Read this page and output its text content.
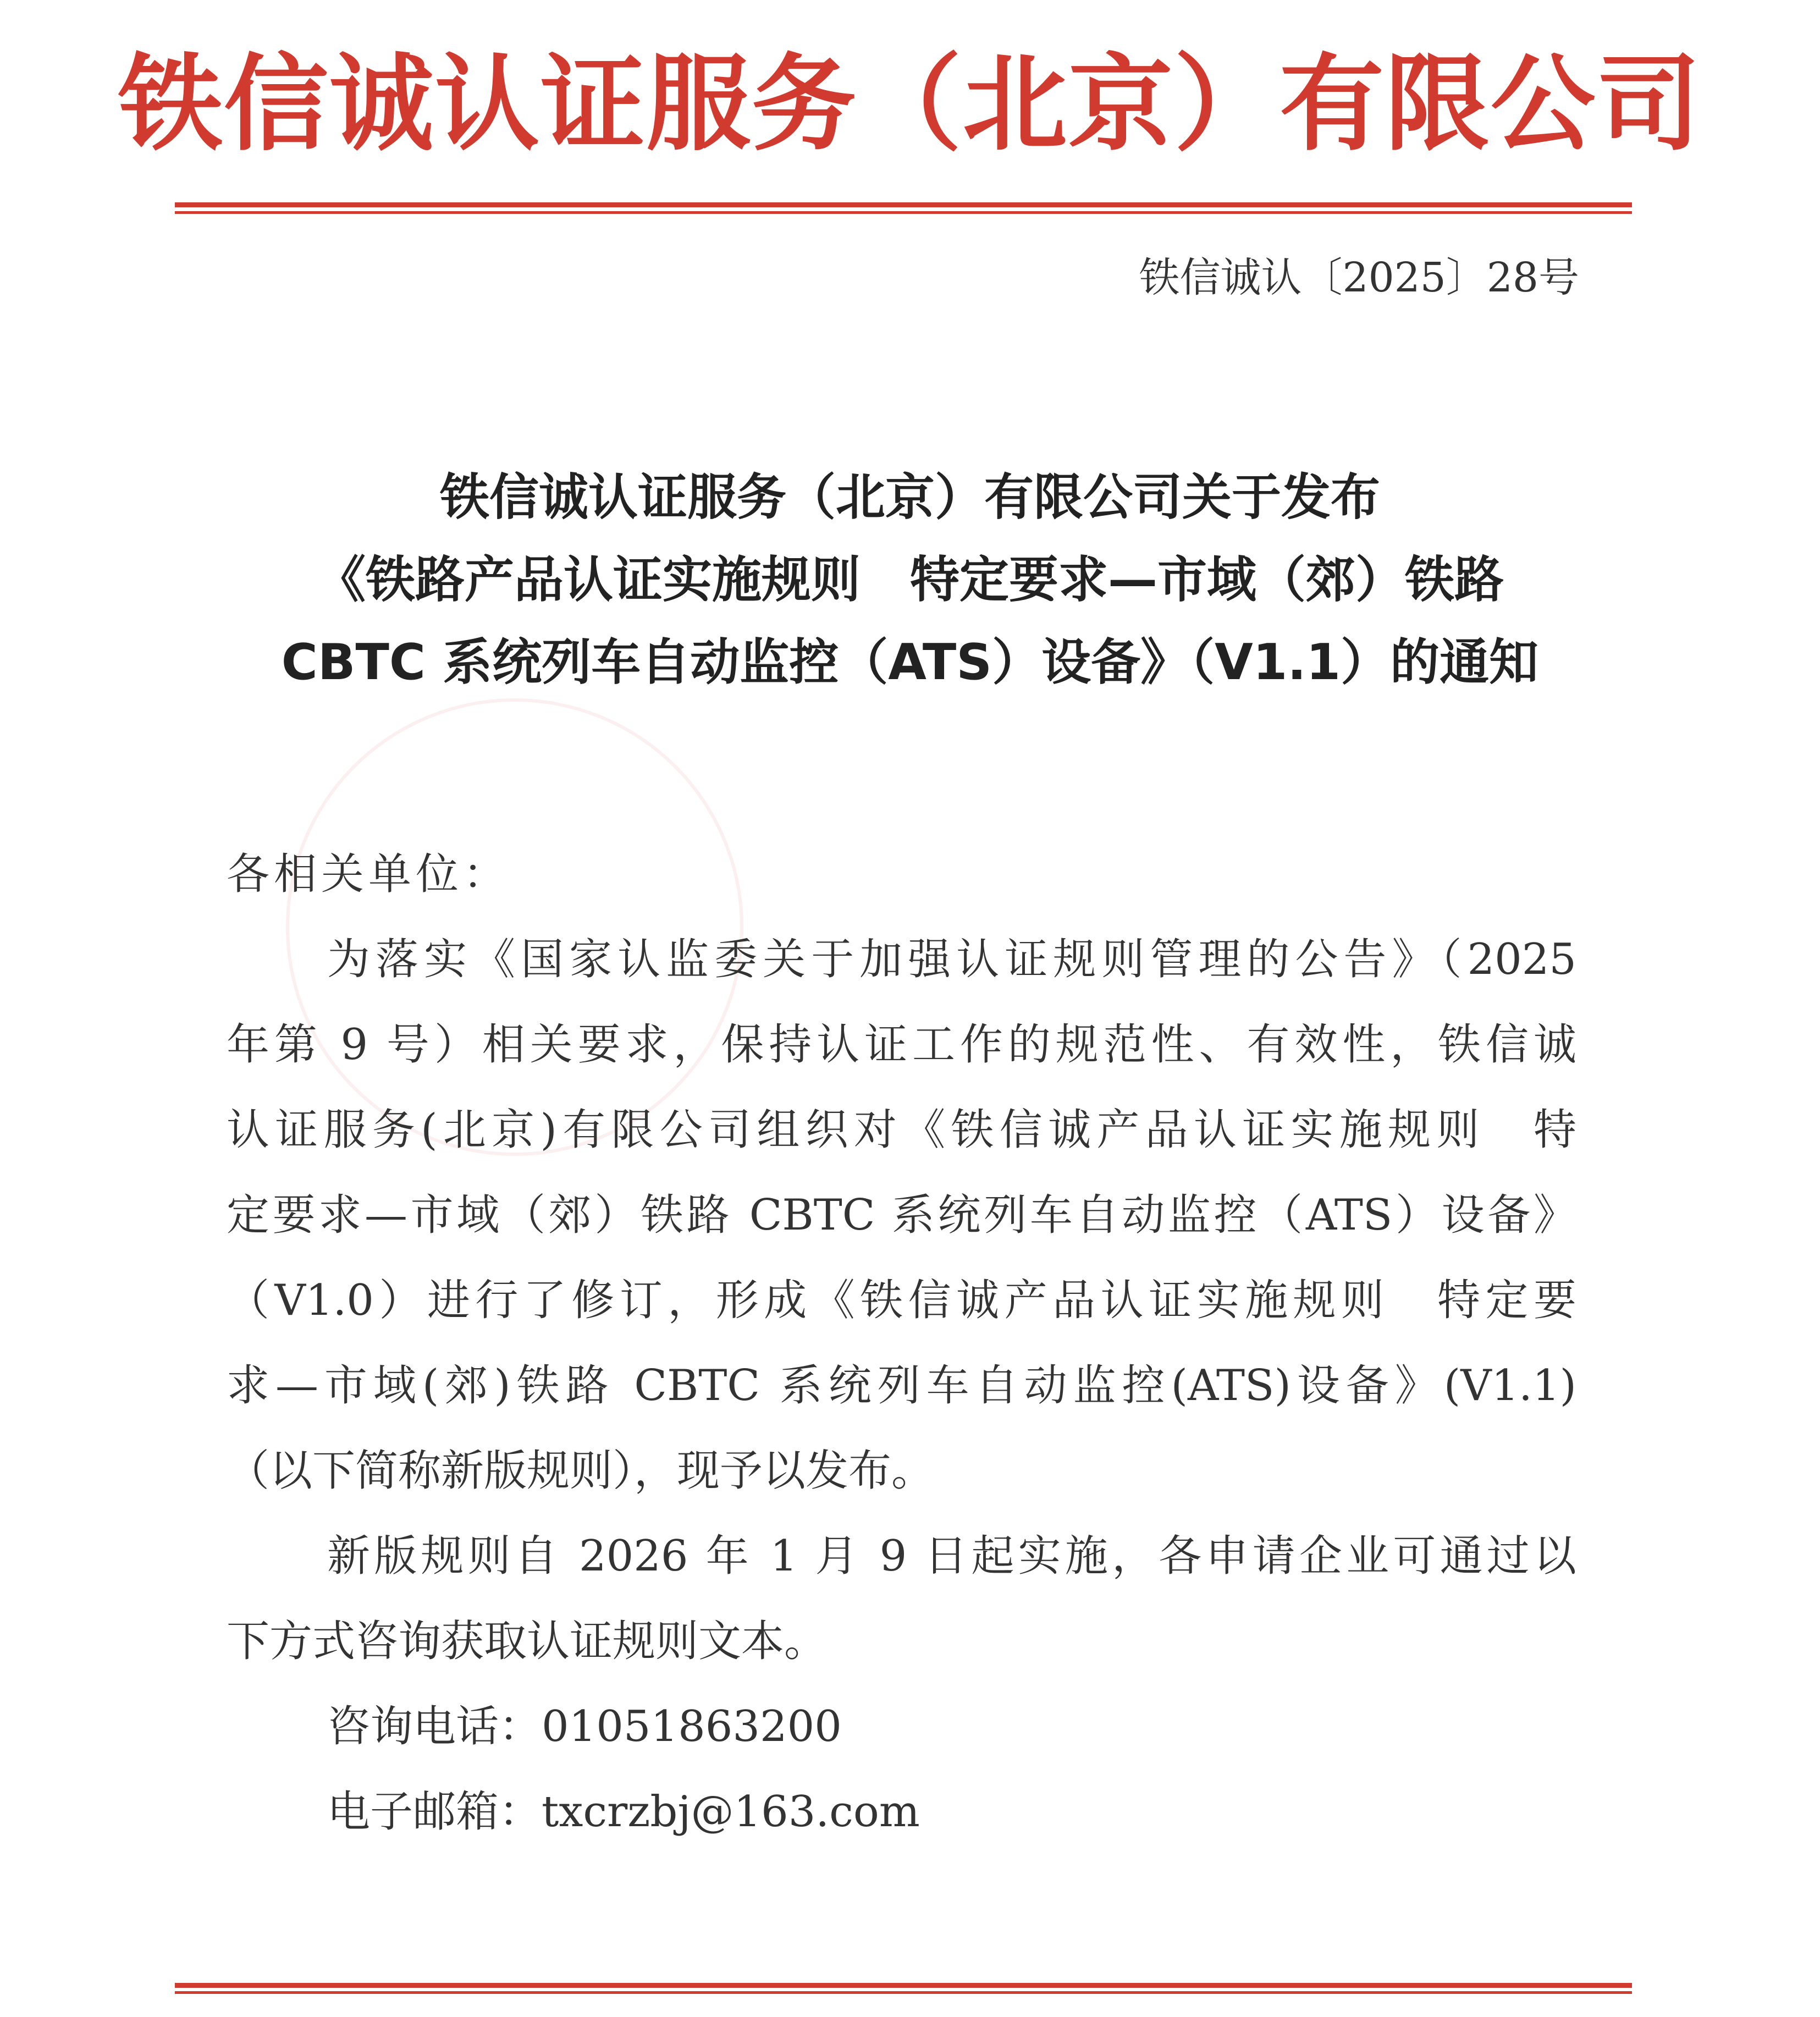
铁信诚认证服务（北京）有限公司
铁信诚认〔2025〕28号
铁信诚认证服务（北京）有限公司关于发布
《铁路产品认证实施规则　特定要求—市域（郊）铁路
CBTC 系统列车自动监控（ATS）设备》（V1.1）的通知
各相关单位：
为落实《国家认监委关于加强认证规则管理的公告》（2025
年第 9 号）相关要求，保持认证工作的规范性、有效性，铁信诚
认证服务(北京)有限公司组织对《铁信诚产品认证实施规则　特
定要求—市域（郊）铁路 CBTC 系统列车自动监控（ATS）设备》
（V1.0）进行了修订，形成《铁信诚产品认证实施规则　特定要
求—市域(郊)铁路 CBTC 系统列车自动监控(ATS)设备》(V1.1)
（以下简称新版规则），现予以发布。
新版规则自 2026 年 1 月 9 日起实施，各申请企业可通过以
下方式咨询获取认证规则文本。
咨询电话：01051863200
电子邮箱：txcrzbj@163.com
